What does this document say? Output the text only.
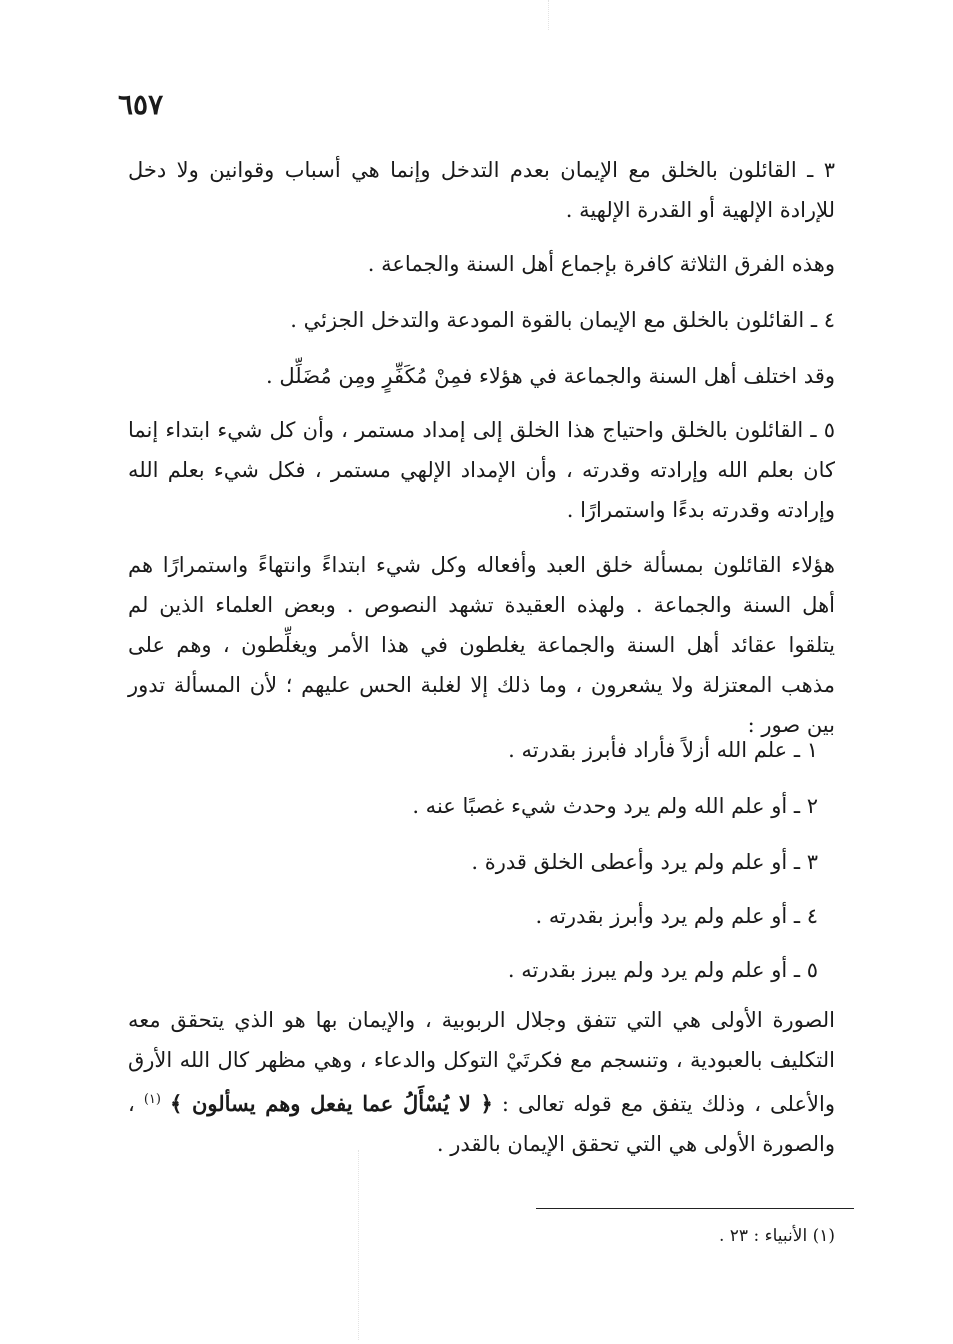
٦٥٧
٣ ـ القائلون بالخلق مع الإيمان بعدم التدخل وإنما هي أسباب وقوانين ولا دخل للإرادة الإلهية أو القدرة الإلهية .
وهذه الفرق الثلاثة كافرة بإجماع أهل السنة والجماعة .
٤ ـ القائلون بالخلق مع الإيمان بالقوة المودعة والتدخل الجزئي .
وقد اختلف أهل السنة والجماعة في هؤلاء فمِنْ مُكَفِّرٍ ومِن مُضَلِّل .
٥ ـ القائلون بالخلق واحتياج هذا الخلق إلى إمداد مستمر ، وأن كل شيء ابتداء إنما كان بعلم الله وإرادته وقدرته ، وأن الإمداد الإلهي مستمر ، فكل شيء بعلم الله وإرادته وقدرته بدءًا واستمرارًا .
هؤلاء القائلون بمسألة خلق العبد وأفعاله وكل شيء ابتداءً وانتهاءً واستمرارًا هم أهل السنة والجماعة . ولهذه العقيدة تشهد النصوص . وبعض العلماء الذين لم يتلقوا عقائد أهل السنة والجماعة يغلطون في هذا الأمر ويغلِّطون ، وهم على مذهب المعتزلة ولا يشعرون ، وما ذلك إلا لغلبة الحس عليهم ؛ لأن المسألة تدور بين صور :
١ ـ علم الله أزلاً فأراد فأبرز بقدرته .
٢ ـ أو علم الله ولم يرد وحدث شيء غصبًا عنه .
٣ ـ أو علم ولم يرد وأعطى الخلق قدرة .
٤ ـ أو علم ولم يرد وأبرز بقدرته .
٥ ـ أو علم ولم يرد ولم يبرز بقدرته .
الصورة الأولى هي التي تتفق وجلال الربوبية ، والإيمان بها هو الذي يتحقق معه التكليف بالعبودية ، وتنسجم مع فكرتَيْ التوكل والدعاء ، وهي مظهر كال الله الأرق والأعلى ، وذلك يتفق مع قوله تعالى : ﴿ لا يُسْأَلُ عما يفعل وهم يسألون ﴾ $^{(١)}$ ، والصورة الأولى هي التي تحقق الإيمان بالقدر .
(١) الأنبياء : ٢٣ .
